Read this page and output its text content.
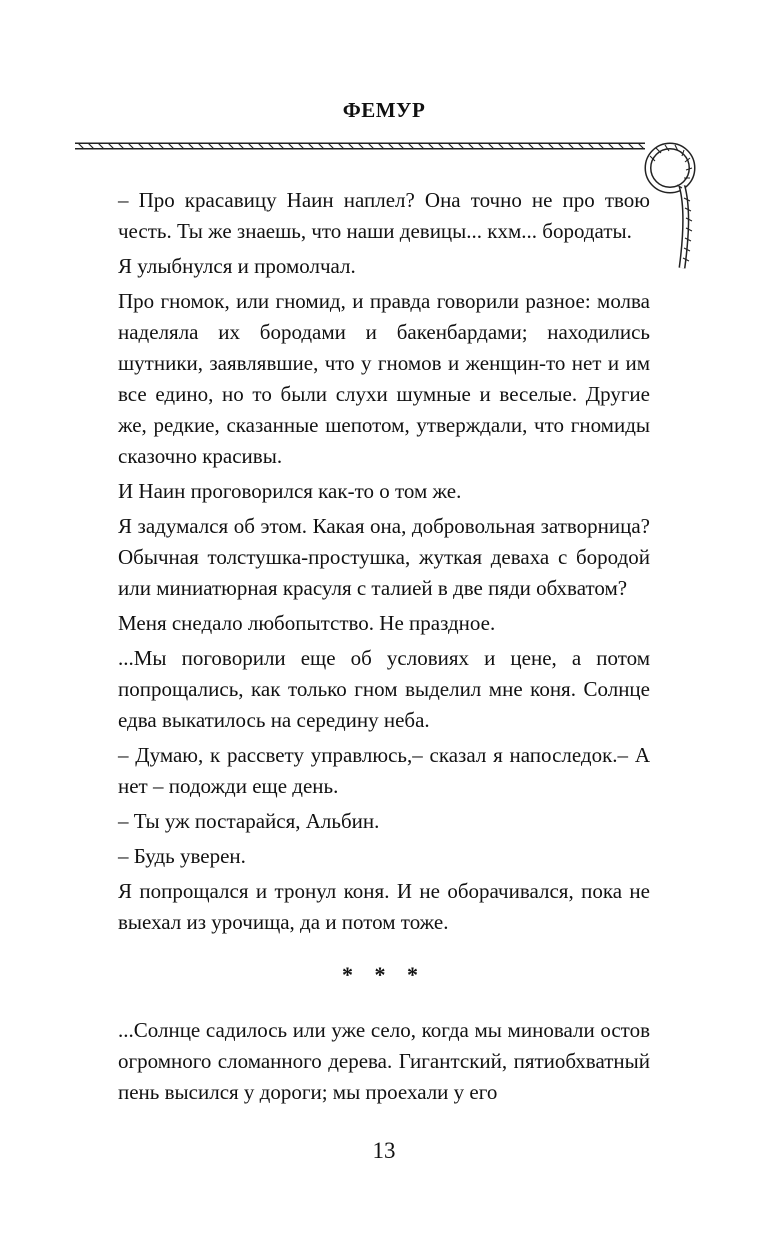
ФЕМУР

– Про красавицу Наин наплел? Она точно не про твою честь. Ты же знаешь, что наши девицы... кхм... бородаты.

Я улыбнулся и промолчал.

Про гномок, или гномид, и правда говорили разное: молва наделяла их бородами и бакенбардами; находились шутники, заявлявшие, что у гномов и женщин-то нет и им все едино, но то были слухи шумные и веселые. Другие же, редкие, сказанные шепотом, утверждали, что гномиды сказочно красивы.

И Наин проговорился как-то о том же.

Я задумался об этом. Какая она, добровольная затворница? Обычная толстушка-простушка, жуткая деваха с бородой или миниатюрная красуля с талией в две пяди обхватом?

Меня снедало любопытство. Не праздное.

...Мы поговорили еще об условиях и цене, а потом попрощались, как только гном выделил мне коня. Солнце едва выкатилось на середину неба.

– Думаю, к рассвету управлюсь,– сказал я напоследок.– А нет – подожди еще день.

– Ты уж постарайся, Альбин.

– Будь уверен.

Я попрощался и тронул коня. И не оборачивался, пока не выехал из урочища, да и потом тоже.

* * *

...Солнце садилось или уже село, когда мы миновали остов огромного сломанного дерева. Гигантский, пятиобхватный пень высился у дороги; мы проехали у его

13
